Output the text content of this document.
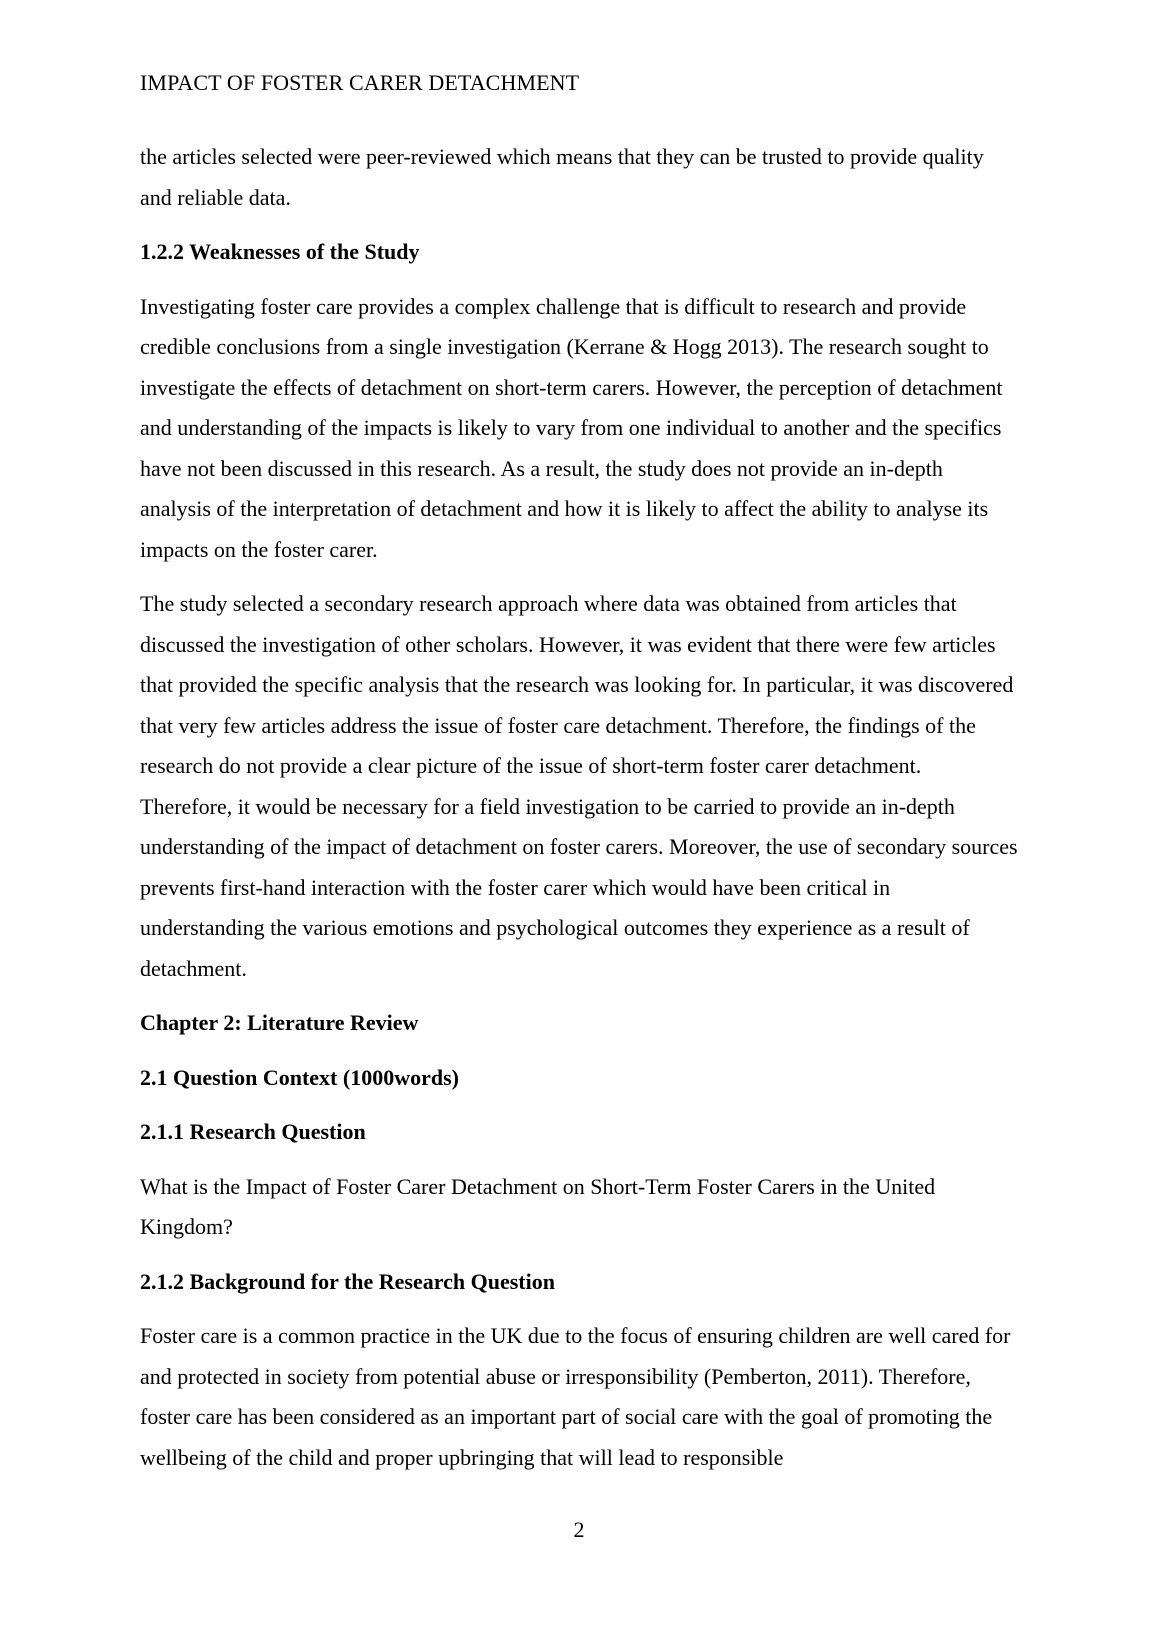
IMPACT OF FOSTER CARER DETACHMENT

the articles selected were peer-reviewed which means that they can be trusted to provide quality and reliable data.

1.2.2 Weaknesses of the Study

Investigating foster care provides a complex challenge that is difficult to research and provide credible conclusions from a single investigation (Kerrane & Hogg 2013). The research sought to investigate the effects of detachment on short-term carers. However, the perception of detachment and understanding of the impacts is likely to vary from one individual to another and the specifics have not been discussed in this research. As a result, the study does not provide an in-depth analysis of the interpretation of detachment and how it is likely to affect the ability to analyse its impacts on the foster carer.

The study selected a secondary research approach where data was obtained from articles that discussed the investigation of other scholars. However, it was evident that there were few articles that provided the specific analysis that the research was looking for. In particular, it was discovered that very few articles address the issue of foster care detachment. Therefore, the findings of the research do not provide a clear picture of the issue of short-term foster carer detachment. Therefore, it would be necessary for a field investigation to be carried to provide an in-depth understanding of the impact of detachment on foster carers. Moreover, the use of secondary sources prevents first-hand interaction with the foster carer which would have been critical in understanding the various emotions and psychological outcomes they experience as a result of detachment.

Chapter 2: Literature Review

2.1 Question Context (1000words)

2.1.1 Research Question

What is the Impact of Foster Carer Detachment on Short-Term Foster Carers in the United Kingdom?

2.1.2 Background for the Research Question

Foster care is a common practice in the UK due to the focus of ensuring children are well cared for and protected in society from potential abuse or irresponsibility (Pemberton, 2011). Therefore, foster care has been considered as an important part of social care with the goal of promoting the wellbeing of the child and proper upbringing that will lead to responsible

2
